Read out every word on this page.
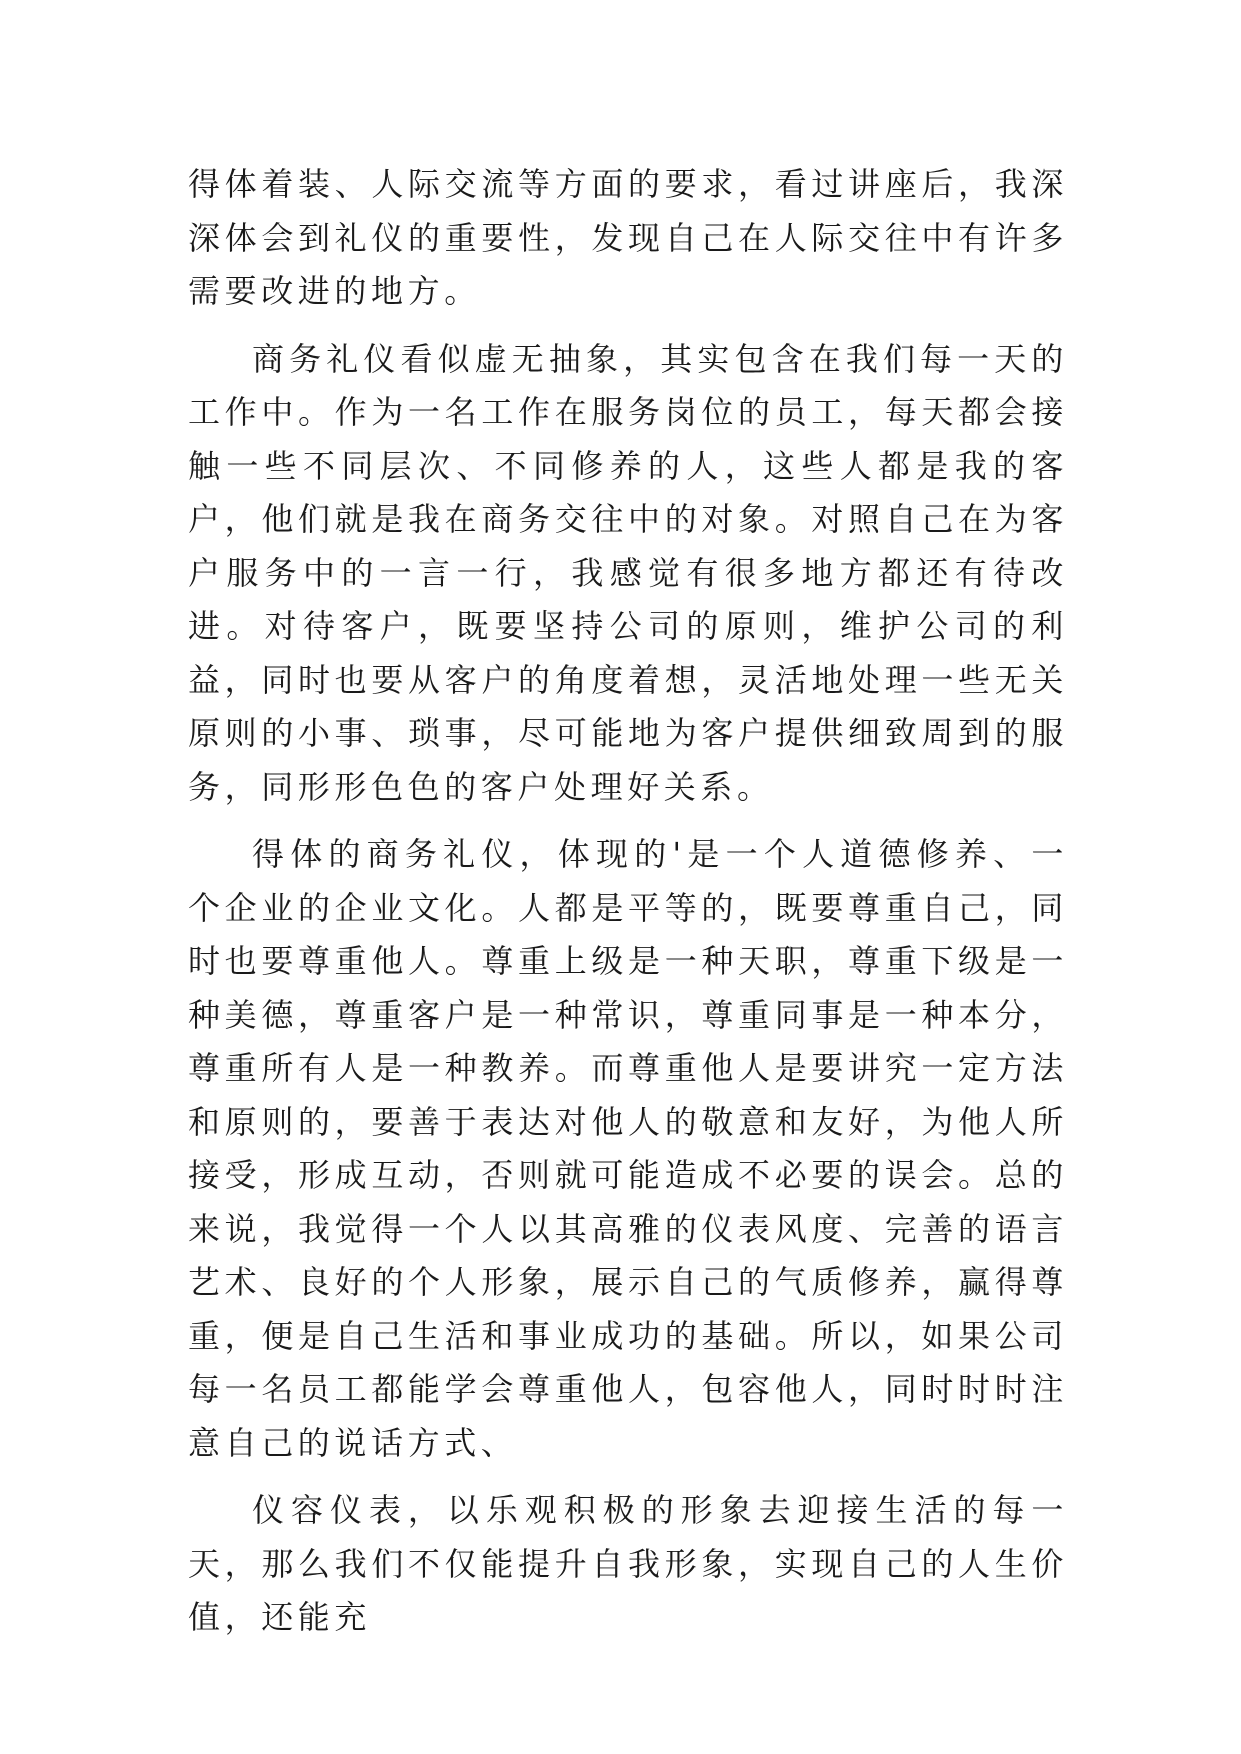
得体着装、人际交流等方面的要求，看过讲座后，我深深体会到礼仪的重要性，发现自己在人际交往中有许多需要改进的地方。

商务礼仪看似虚无抽象，其实包含在我们每一天的工作中。作为一名工作在服务岗位的员工，每天都会接触一些不同层次、不同修养的人，这些人都是我的客户，他们就是我在商务交往中的对象。对照自己在为客户服务中的一言一行，我感觉有很多地方都还有待改进。对待客户，既要坚持公司的原则，维护公司的利益，同时也要从客户的角度着想，灵活地处理一些无关原则的小事、琐事，尽可能地为客户提供细致周到的服务，同形形色色的客户处理好关系。

得体的商务礼仪，体现的'是一个人道德修养、一个企业的企业文化。人都是平等的，既要尊重自己，同时也要尊重他人。尊重上级是一种天职，尊重下级是一种美德，尊重客户是一种常识，尊重同事是一种本分，尊重所有人是一种教养。而尊重他人是要讲究一定方法和原则的，要善于表达对他人的敬意和友好，为他人所接受，形成互动，否则就可能造成不必要的误会。总的来说，我觉得一个人以其高雅的仪表风度、完善的语言艺术、良好的个人形象，展示自己的气质修养，赢得尊重，便是自己生活和事业成功的基础。所以，如果公司每一名员工都能学会尊重他人，包容他人，同时时时注意自己的说话方式、

仪容仪表，以乐观积极的形象去迎接生活的每一天，那么我们不仅能提升自我形象，实现自己的人生价值，还能充
